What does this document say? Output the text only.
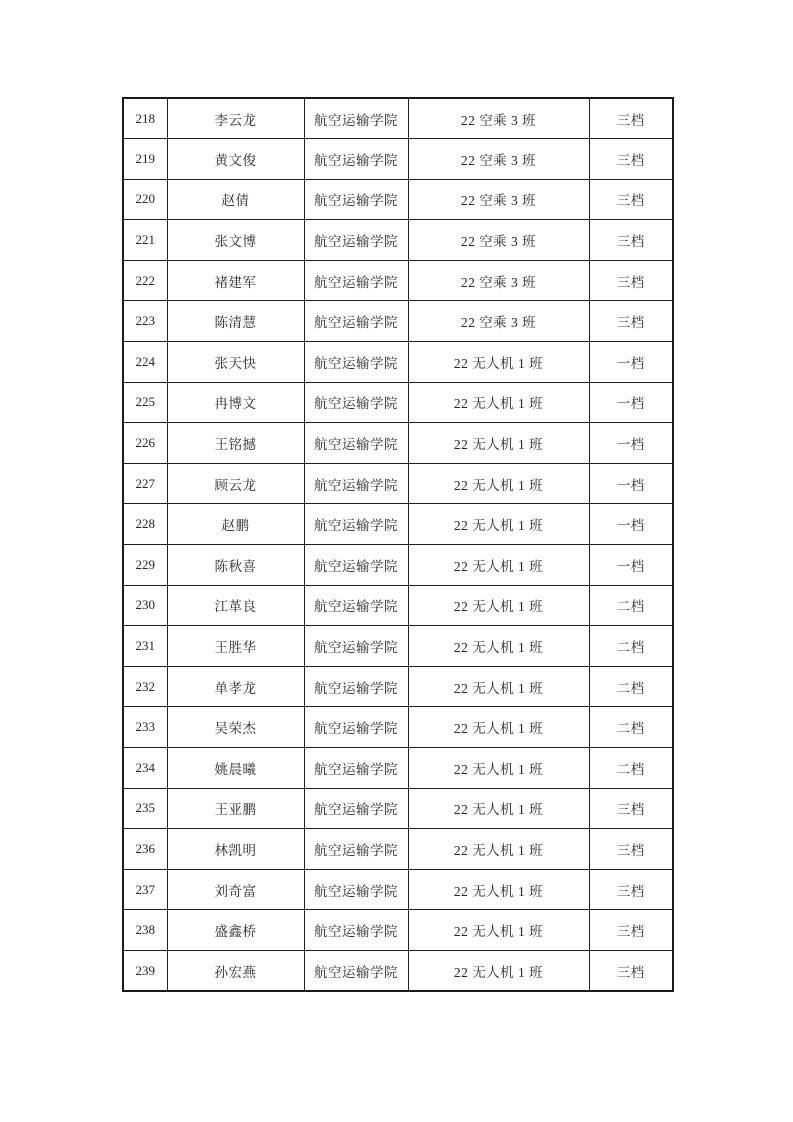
218	李云龙	航空运输学院	22 空乘 3 班	三档
219	黄文俊	航空运输学院	22 空乘 3 班	三档
220	赵倩	航空运输学院	22 空乘 3 班	三档
221	张文博	航空运输学院	22 空乘 3 班	三档
222	褚建军	航空运输学院	22 空乘 3 班	三档
223	陈清慧	航空运输学院	22 空乘 3 班	三档
224	张天快	航空运输学院	22 无人机 1 班	一档
225	冉博文	航空运输学院	22 无人机 1 班	一档
226	王铭撼	航空运输学院	22 无人机 1 班	一档
227	顾云龙	航空运输学院	22 无人机 1 班	一档
228	赵鹏	航空运输学院	22 无人机 1 班	一档
229	陈秋喜	航空运输学院	22 无人机 1 班	一档
230	江革良	航空运输学院	22 无人机 1 班	二档
231	王胜华	航空运输学院	22 无人机 1 班	二档
232	单孝龙	航空运输学院	22 无人机 1 班	二档
233	吴荣杰	航空运输学院	22 无人机 1 班	二档
234	姚晨曦	航空运输学院	22 无人机 1 班	二档
235	王亚鹏	航空运输学院	22 无人机 1 班	三档
236	林凯明	航空运输学院	22 无人机 1 班	三档
237	刘奇富	航空运输学院	22 无人机 1 班	三档
238	盛鑫桥	航空运输学院	22 无人机 1 班	三档
239	孙宏燕	航空运输学院	22 无人机 1 班	三档
